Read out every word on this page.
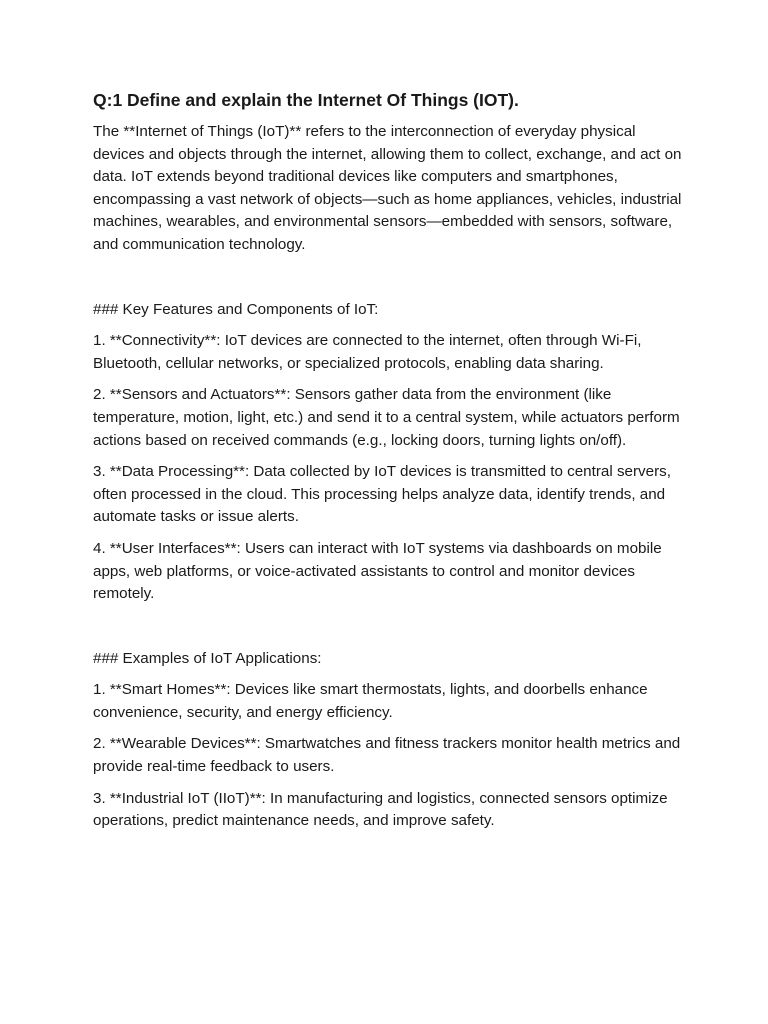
Q:1 Define and explain the Internet Of Things (IOT).

The **Internet of Things (IoT)** refers to the interconnection of everyday physical devices and objects through the internet, allowing them to collect, exchange, and act on data. IoT extends beyond traditional devices like computers and smartphones, encompassing a vast network of objects—such as home appliances, vehicles, industrial machines, wearables, and environmental sensors—embedded with sensors, software, and communication technology.

### Key Features and Components of IoT:

1. **Connectivity**: IoT devices are connected to the internet, often through Wi-Fi, Bluetooth, cellular networks, or specialized protocols, enabling data sharing.

2. **Sensors and Actuators**: Sensors gather data from the environment (like temperature, motion, light, etc.) and send it to a central system, while actuators perform actions based on received commands (e.g., locking doors, turning lights on/off).

3. **Data Processing**: Data collected by IoT devices is transmitted to central servers, often processed in the cloud. This processing helps analyze data, identify trends, and automate tasks or issue alerts.

4. **User Interfaces**: Users can interact with IoT systems via dashboards on mobile apps, web platforms, or voice-activated assistants to control and monitor devices remotely.

### Examples of IoT Applications:

1. **Smart Homes**: Devices like smart thermostats, lights, and doorbells enhance convenience, security, and energy efficiency.

2. **Wearable Devices**: Smartwatches and fitness trackers monitor health metrics and provide real-time feedback to users.

3. **Industrial IoT (IIoT)**: In manufacturing and logistics, connected sensors optimize operations, predict maintenance needs, and improve safety.
